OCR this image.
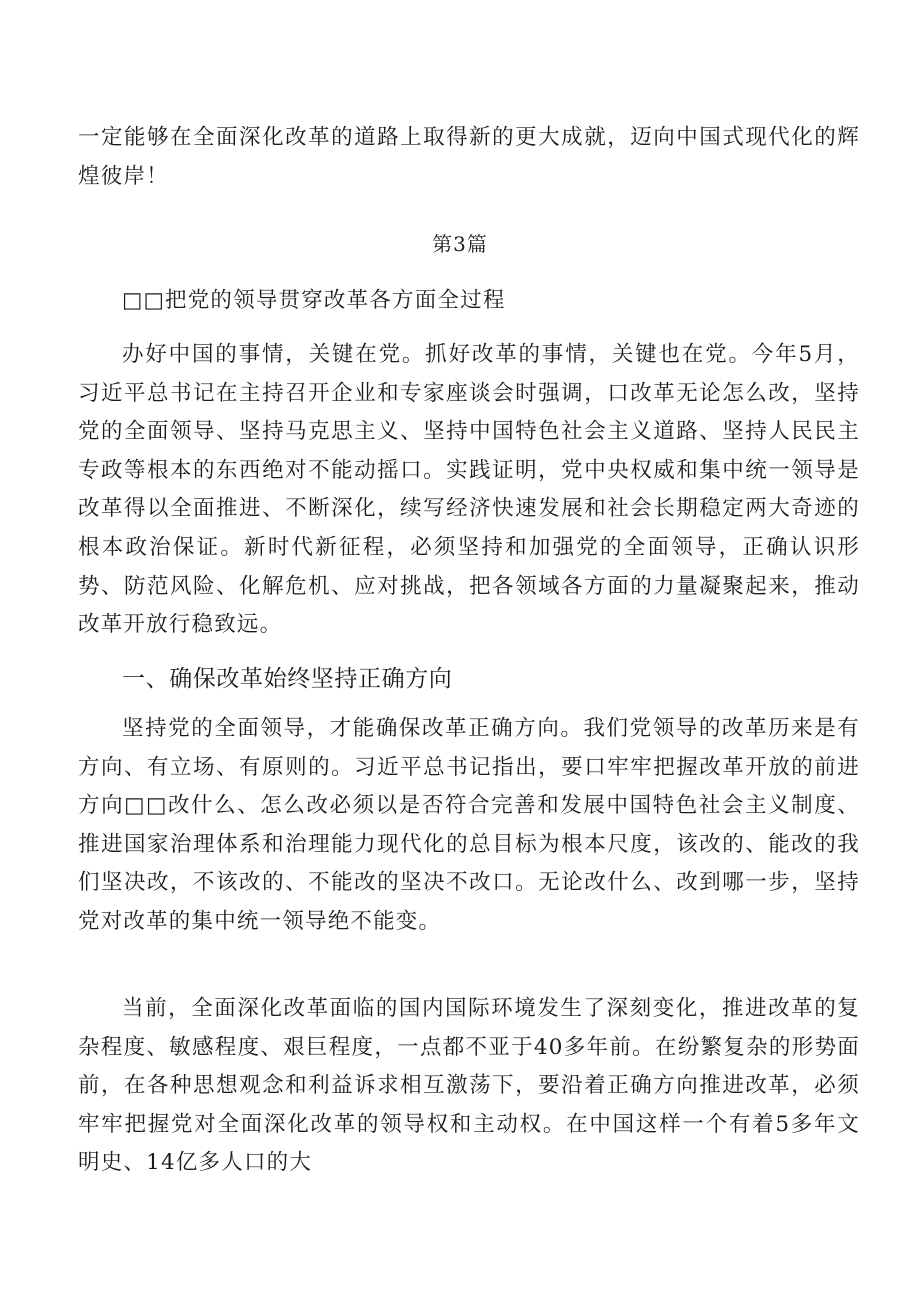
一定能够在全面深化改革的道路上取得新的更大成就，迈向中国式现代化的辉煌彼岸！

第3篇

□□把党的领导贯穿改革各方面全过程

办好中国的事情，关键在党。抓好改革的事情，关键也在党。今年5月，习近平总书记在主持召开企业和专家座谈会时强调，口改革无论怎么改，坚持党的全面领导、坚持马克思主义、坚持中国特色社会主义道路、坚持人民民主专政等根本的东西绝对不能动摇口。实践证明，党中央权威和集中统一领导是改革得以全面推进、不断深化，续写经济快速发展和社会长期稳定两大奇迹的根本政治保证。新时代新征程，必须坚持和加强党的全面领导，正确认识形势、防范风险、化解危机、应对挑战，把各领域各方面的力量凝聚起来，推动改革开放行稳致远。

一、确保改革始终坚持正确方向

坚持党的全面领导，才能确保改革正确方向。我们党领导的改革历来是有方向、有立场、有原则的。习近平总书记指出，要口牢牢把握改革开放的前进方向□□改什么、怎么改必须以是否符合完善和发展中国特色社会主义制度、推进国家治理体系和治理能力现代化的总目标为根本尺度，该改的、能改的我们坚决改，不该改的、不能改的坚决不改口。无论改什么、改到哪一步，坚持党对改革的集中统一领导绝不能变。

当前，全面深化改革面临的国内国际环境发生了深刻变化，推进改革的复杂程度、敏感程度、艰巨程度，一点都不亚于40多年前。在纷繁复杂的形势面前，在各种思想观念和利益诉求相互激荡下，要沿着正确方向推进改革，必须牢牢把握党对全面深化改革的领导权和主动权。在中国这样一个有着5多年文明史、14亿多人口的大
